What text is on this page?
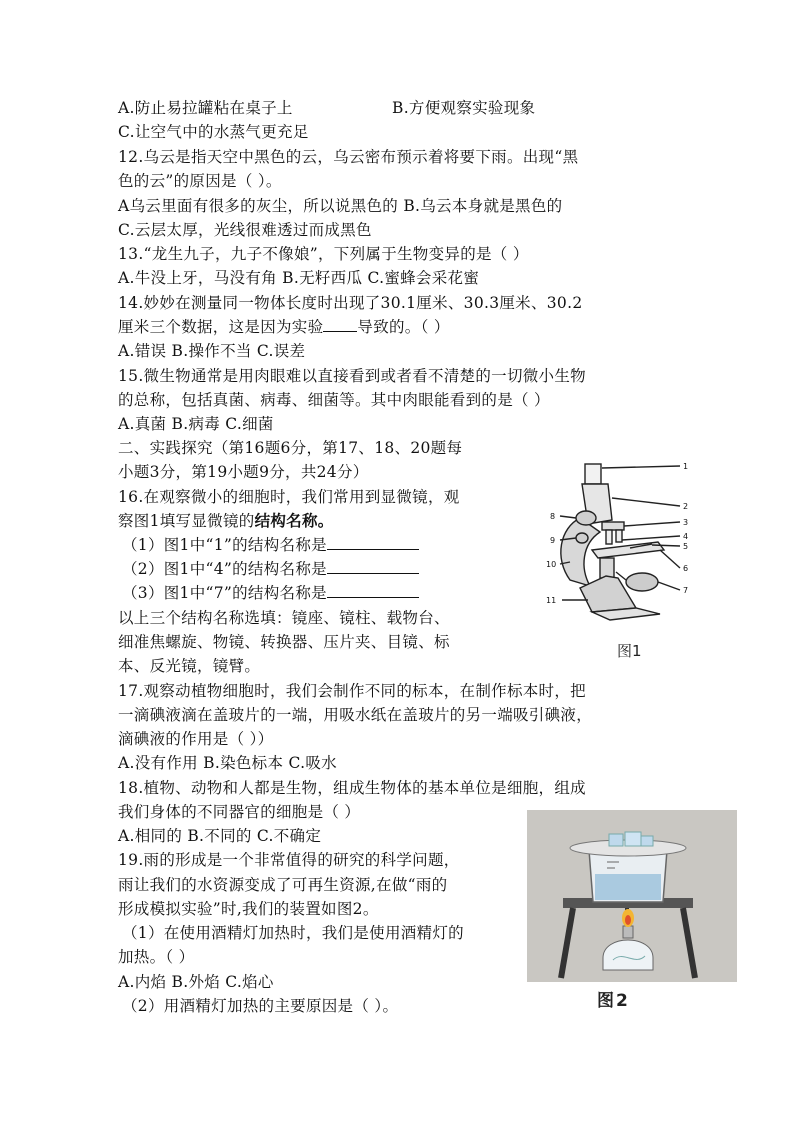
A.防止易拉罐粘在桌子上	B.方便观察实验现象
C.让空气中的水蒸气更充足
12.乌云是指天空中黑色的云，乌云密布预示着将要下雨。出现“黑
色的云”的原因是（ ）。
A乌云里面有很多的灰尘，所以说黑色的 B.乌云本身就是黑色的
C.云层太厚，光线很难透过而成黑色
13.“龙生九子，九子不像娘”，下列属于生物变异的是（ ）
A.牛没上牙，马没有角 B.无籽西瓜 C.蜜蜂会采花蜜
14.妙妙在测量同一物体长度时出现了30.1厘米、30.3厘米、30.2
厘米三个数据，这是因为实验 导致的。（ ）
A.错误 B.操作不当 C.误差
15.微生物通常是用肉眼难以直接看到或者看不清楚的一切微小生物
的总称，包括真菌、病毒、细菌等。其中肉眼能看到的是（ ）
A.真菌 B.病毒 C.细菌
二、实践探究（第16题6分，第17、18、20题每
小题3分，第19小题9分，共24分）
16.在观察微小的细胞时，我们常用到显微镜，观
察图1填写显微镜的结构名称。
（1）图1中“1”的结构名称是
（2）图1中“4”的结构名称是
（3）图1中“7”的结构名称是
以上三个结构名称选填：镜座、镜柱、载物台、
细准焦螺旋、物镜、转换器、压片夹、目镜、标
本、反光镜，镜臂。
17.观察动植物细胞时，我们会制作不同的标本，在制作标本时，把
一滴碘液滴在盖玻片的一端，用吸水纸在盖玻片的另一端吸引碘液，
滴碘液的作用是（ ））
A.没有作用 B.染色标本 C.吸水
18.植物、动物和人都是生物，组成生物体的基本单位是细胞，组成
我们身体的不同器官的细胞是（ ）
A.相同的 B.不同的 C.不确定
19.雨的形成是一个非常值得的研究的科学问题，
雨让我们的水资源变成了可再生资源,在做“雨的
形成模拟实验”时,我们的装置如图2。
（1）在使用酒精灯加热时，我们是使用酒精灯的
加热。（ ）
A.内焰 B.外焰 C.焰心
（2）用酒精灯加热的主要原因是（ ）。
1
2
3
4
5
6
7
8
9
10
11
图1
图2
